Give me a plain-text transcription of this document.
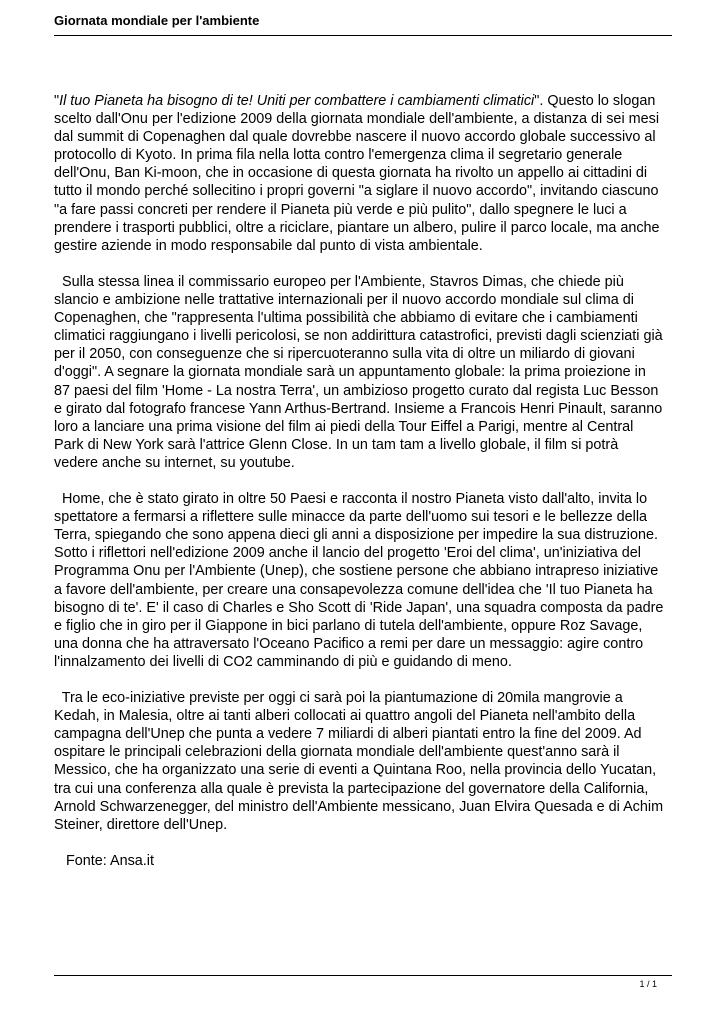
Giornata mondiale per l'ambiente

"Il tuo Pianeta ha bisogno di te! Uniti per combattere i cambiamenti climatici". Questo lo slogan
scelto dall'Onu per l'edizione 2009 della giornata mondiale dell'ambiente, a distanza di sei mesi
dal summit di Copenaghen dal quale dovrebbe nascere il nuovo accordo globale successivo al
protocollo di Kyoto. In prima fila nella lotta contro l'emergenza clima il segretario generale
dell'Onu, Ban Ki-moon, che in occasione di questa giornata ha rivolto un appello ai cittadini di
tutto il mondo perché sollecitino i propri governi "a siglare il nuovo accordo", invitando ciascuno
"a fare passi concreti per rendere il Pianeta più verde e più pulito", dallo spegnere le luci a
prendere i trasporti pubblici, oltre a riciclare, piantare un albero, pulire il parco locale, ma anche
gestire aziende in modo responsabile dal punto di vista ambientale.

Sulla stessa linea il commissario europeo per l'Ambiente, Stavros Dimas, che chiede più
slancio e ambizione nelle trattative internazionali per il nuovo accordo mondiale sul clima di
Copenaghen, che "rappresenta l'ultima possibilità che abbiamo di evitare che i cambiamenti
climatici raggiungano i livelli pericolosi, se non addirittura catastrofici, previsti dagli scienziati già
per il 2050, con conseguenze che si ripercuoteranno sulla vita di oltre un miliardo di giovani
d'oggi". A segnare la giornata mondiale sarà un appuntamento globale: la prima proiezione in
87 paesi del film 'Home - La nostra Terra', un ambizioso progetto curato dal regista Luc Besson
e girato dal fotografo francese Yann Arthus-Bertrand. Insieme a Francois Henri Pinault, saranno
loro a lanciare una prima visione del film ai piedi della Tour Eiffel a Parigi, mentre al Central
Park di New York sarà l'attrice Glenn Close. In un tam tam a livello globale, il film si potrà
vedere anche su internet, su youtube.

Home, che è stato girato in oltre 50 Paesi e racconta il nostro Pianeta visto dall'alto, invita lo
spettatore a fermarsi a riflettere sulle minacce da parte dell'uomo sui tesori e le bellezze della
Terra, spiegando che sono appena dieci gli anni a disposizione per impedire la sua distruzione.
Sotto i riflettori nell'edizione 2009 anche il lancio del progetto 'Eroi del clima', un'iniziativa del
Programma Onu per l'Ambiente (Unep), che sostiene persone che abbiano intrapreso iniziative
a favore dell'ambiente, per creare una consapevolezza comune dell'idea che 'Il tuo Pianeta ha
bisogno di te'. E' il caso di Charles e Sho Scott di 'Ride Japan', una squadra composta da padre
e figlio che in giro per il Giappone in bici parlano di tutela dell'ambiente, oppure Roz Savage,
una donna che ha attraversato l'Oceano Pacifico a remi per dare un messaggio: agire contro
l'innalzamento dei livelli di CO2 camminando di più e guidando di meno.

Tra le eco-iniziative previste per oggi ci sarà poi la piantumazione di 20mila mangrovie a
Kedah, in Malesia, oltre ai tanti alberi collocati ai quattro angoli del Pianeta nell'ambito della
campagna dell'Unep che punta a vedere 7 miliardi di alberi piantati entro la fine del 2009. Ad
ospitare le principali celebrazioni della giornata mondiale dell'ambiente quest'anno sarà il
Messico, che ha organizzato una serie di eventi a Quintana Roo, nella provincia dello Yucatan,
tra cui una conferenza alla quale è prevista la partecipazione del governatore della California,
Arnold Schwarzenegger, del ministro dell'Ambiente messicano, Juan Elvira Quesada e di Achim
Steiner, direttore dell'Unep.

Fonte: Ansa.it

1 / 1
